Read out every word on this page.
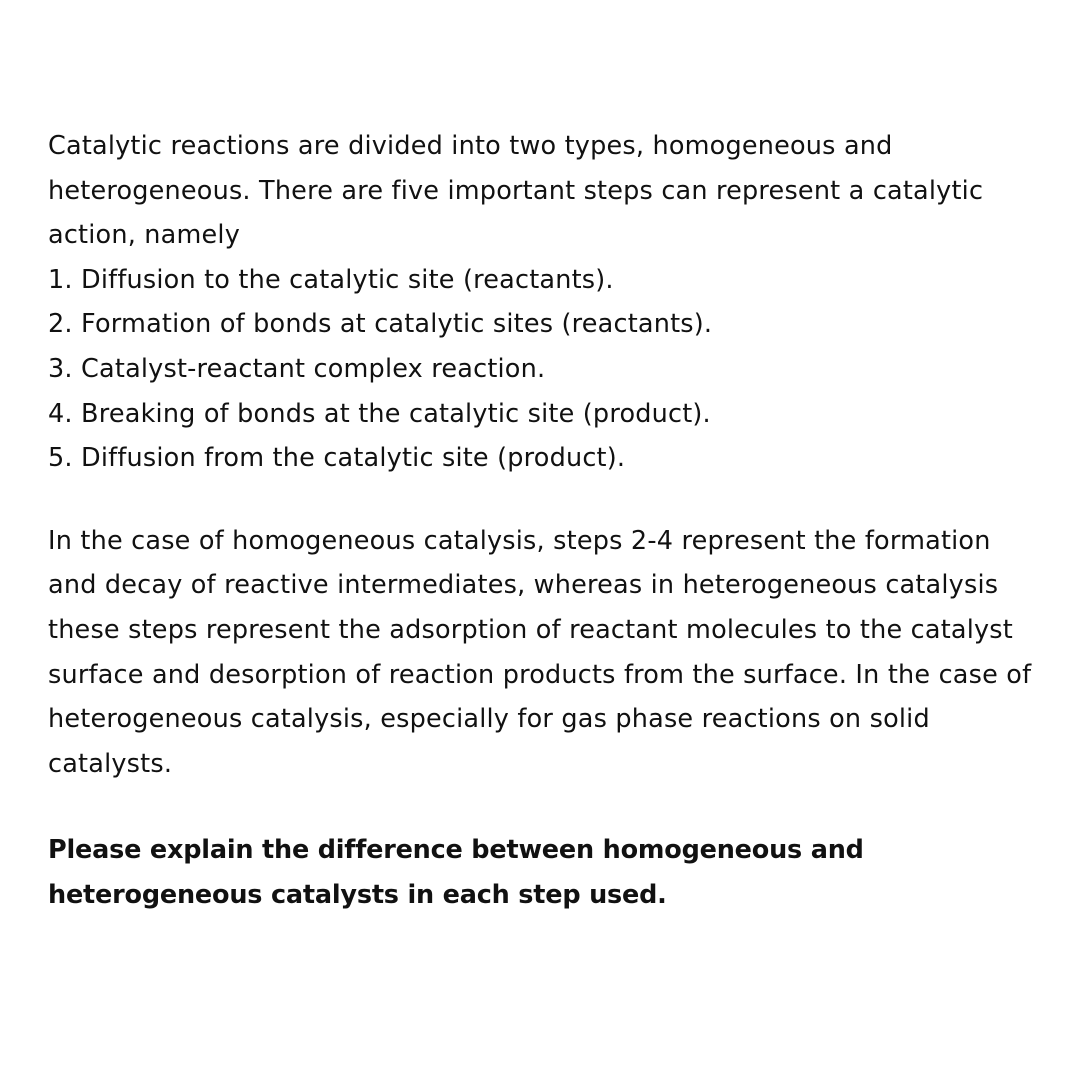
Catalytic reactions are divided into two types, homogeneous and heterogeneous. There are five important steps can represent a catalytic action, namely

1. Diffusion to the catalytic site (reactants).
2. Formation of bonds at catalytic sites (reactants).
3. Catalyst-reactant complex reaction.
4. Breaking of bonds at the catalytic site (product).
5. Diffusion from the catalytic site (product).

In the case of homogeneous catalysis, steps 2-4 represent the formation and decay of reactive intermediates, whereas in heterogeneous catalysis these steps represent the adsorption of reactant molecules to the catalyst surface and desorption of reaction products from the surface. In the case of heterogeneous catalysis, especially for gas phase reactions on solid catalysts.

Please explain the difference between homogeneous and heterogeneous catalysts in each step used.
